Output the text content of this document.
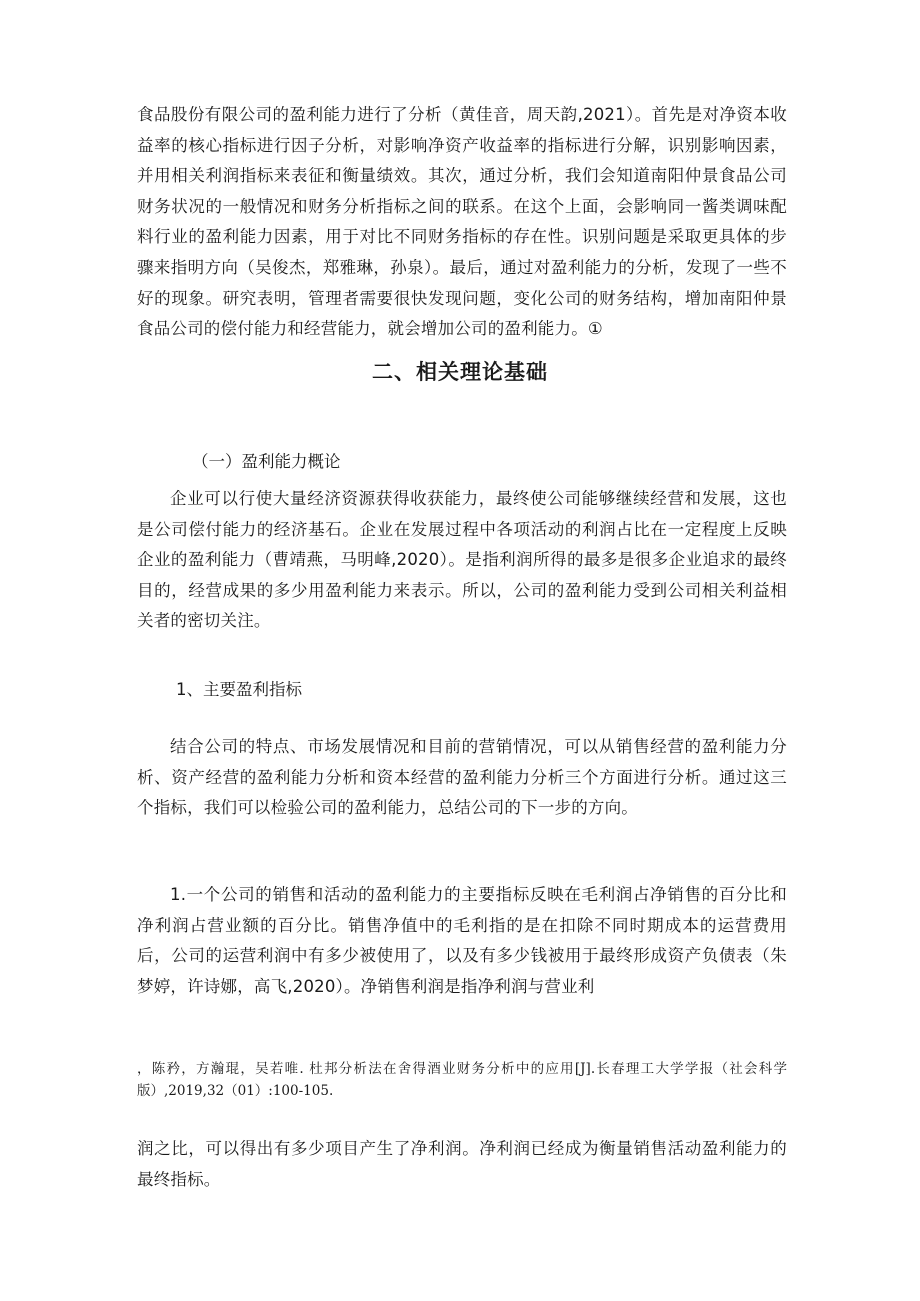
食品股份有限公司的盈利能力进行了分析（黄佳音，周天韵,2021）。首先是对净资本收益率的核心指标进行因子分析，对影响净资产收益率的指标进行分解，识别影响因素，并用相关利润指标来表征和衡量绩效。其次，通过分析，我们会知道南阳仲景食品公司财务状况的一般情况和财务分析指标之间的联系。在这个上面，会影响同一酱类调味配料行业的盈利能力因素，用于对比不同财务指标的存在性。识别问题是采取更具体的步骤来指明方向（吴俊杰，郑雅琳，孙泉）。最后，通过对盈利能力的分析，发现了一些不好的现象。研究表明，管理者需要很快发现问题，变化公司的财务结构，增加南阳仲景食品公司的偿付能力和经营能力，就会增加公司的盈利能力。①

二、相关理论基础

（一）盈利能力概论

企业可以行使大量经济资源获得收获能力，最终使公司能够继续经营和发展，这也是公司偿付能力的经济基石。企业在发展过程中各项活动的利润占比在一定程度上反映企业的盈利能力（曹靖燕，马明峰,2020）。是指利润所得的最多是很多企业追求的最终目的，经营成果的多少用盈利能力来表示。所以，公司的盈利能力受到公司相关利益相关者的密切关注。

1、主要盈利指标

结合公司的特点、市场发展情况和目前的营销情况，可以从销售经营的盈利能力分析、资产经营的盈利能力分析和资本经营的盈利能力分析三个方面进行分析。通过这三个指标，我们可以检验公司的盈利能力，总结公司的下一步的方向。

1.一个公司的销售和活动的盈利能力的主要指标反映在毛利润占净销售的百分比和净利润占营业额的百分比。销售净值中的毛利指的是在扣除不同时期成本的运营费用后，公司的运营利润中有多少被使用了，以及有多少钱被用于最终形成资产负债表（朱梦婷，许诗娜，高飞,2020）。净销售利润是指净利润与营业利

，陈矜，方瀚琨，吴若唯. 杜邦分析法在舍得酒业财务分析中的应用[J].长春理工大学学报（社会科学版）,2019,32（01）:100-105.

润之比，可以得出有多少项目产生了净利润。净利润已经成为衡量销售活动盈利能力的最终指标。
